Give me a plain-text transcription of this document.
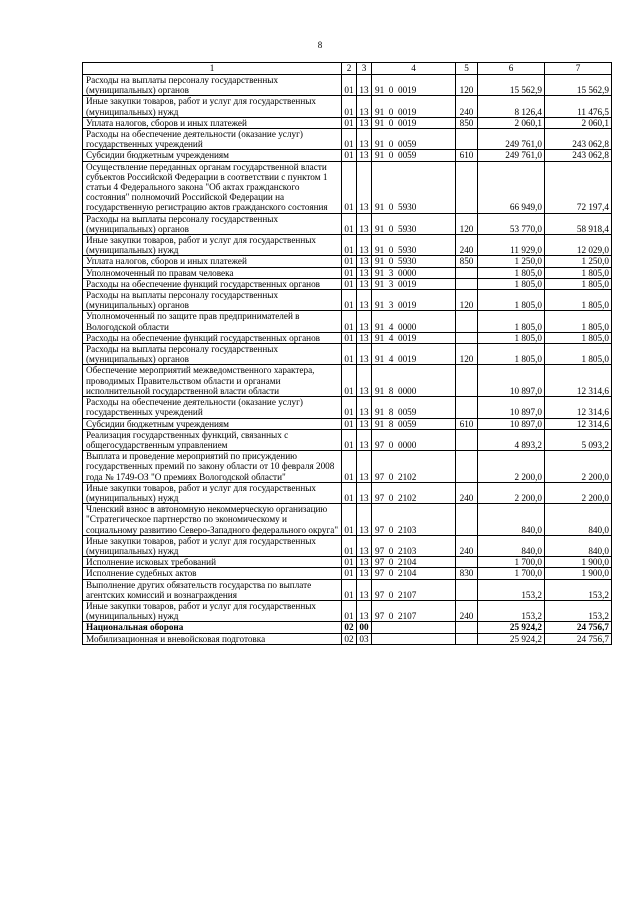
8
1	2	3	4	5	6	7
Расходы на выплаты персоналу государственных (муниципальных) органов	01	13	91  0  0019	120	15 562,9	15 562,9
Иные закупки товаров, работ и услуг для государственных (муниципальных) нужд	01	13	91  0  0019	240	8 126,4	11 476,5
Уплата налогов, сборов и иных платежей	01	13	91  0  0019	850	2 060,1	2 060,1
Расходы на обеспечение деятельности (оказание услуг) государственных учреждений	01	13	91  0  0059		249 761,0	243 062,8
Субсидии бюджетным учреждениям	01	13	91  0  0059	610	249 761,0	243 062,8
Осуществление переданных органам государственной власти субъектов Российской Федерации в соответствии с пунктом 1 статьи 4 Федерального закона "Об актах гражданского состояния" полномочий Российской Федерации на государственную регистрацию актов гражданского состояния	01	13	91  0  5930		66 949,0	72 197,4
Расходы на выплаты персоналу государственных (муниципальных) органов	01	13	91  0  5930	120	53 770,0	58 918,4
Иные закупки товаров, работ и услуг для государственных (муниципальных) нужд	01	13	91  0  5930	240	11 929,0	12 029,0
Уплата налогов, сборов и иных платежей	01	13	91  0  5930	850	1 250,0	1 250,0
Уполномоченный по правам человека	01	13	91  3  0000		1 805,0	1 805,0
Расходы на обеспечение функций государственных органов	01	13	91  3  0019		1 805,0	1 805,0
Расходы на выплаты персоналу государственных (муниципальных) органов	01	13	91  3  0019	120	1 805,0	1 805,0
Уполномоченный по защите прав предпринимателей в Вологодской области	01	13	91  4  0000		1 805,0	1 805,0
Расходы на обеспечение функций государственных органов	01	13	91  4  0019		1 805,0	1 805,0
Расходы на выплаты персоналу государственных (муниципальных) органов	01	13	91  4  0019	120	1 805,0	1 805,0
Обеспечение мероприятий межведомственного характера, проводимых Правительством области и органами исполнительной государственной власти области	01	13	91  8  0000		10 897,0	12 314,6
Расходы на обеспечение деятельности (оказание услуг) государственных учреждений	01	13	91  8  0059		10 897,0	12 314,6
Субсидии бюджетным учреждениям	01	13	91  8  0059	610	10 897,0	12 314,6
Реализация государственных функций, связанных с общегосударственным управлением	01	13	97  0  0000		4 893,2	5 093,2
Выплата и проведение мероприятий по присуждению государственных премий по закону области от 10 февраля 2008 года № 1749-ОЗ "О премиях Вологодской области"	01	13	97  0  2102		2 200,0	2 200,0
Иные закупки товаров, работ и услуг для государственных (муниципальных) нужд	01	13	97  0  2102	240	2 200,0	2 200,0
Членский взнос в автономную некоммерческую организацию "Стратегическое партнерство по экономическому и социальному развитию Северо-Западного федерального округа"	01	13	97  0  2103		840,0	840,0
Иные закупки товаров, работ и услуг для государственных (муниципальных) нужд	01	13	97  0  2103	240	840,0	840,0
Исполнение исковых требований	01	13	97  0  2104		1 700,0	1 900,0
Исполнение судебных актов	01	13	97  0  2104	830	1 700,0	1 900,0
Выполнение других обязательств государства по выплате агентских комиссий и вознаграждения	01	13	97  0  2107		153,2	153,2
Иные закупки товаров, работ и услуг для государственных (муниципальных) нужд	01	13	97  0  2107	240	153,2	153,2
Национальная оборона	02	00			25 924,2	24 756,7
Мобилизационная и вневойсковая подготовка	02	03			25 924,2	24 756,7
